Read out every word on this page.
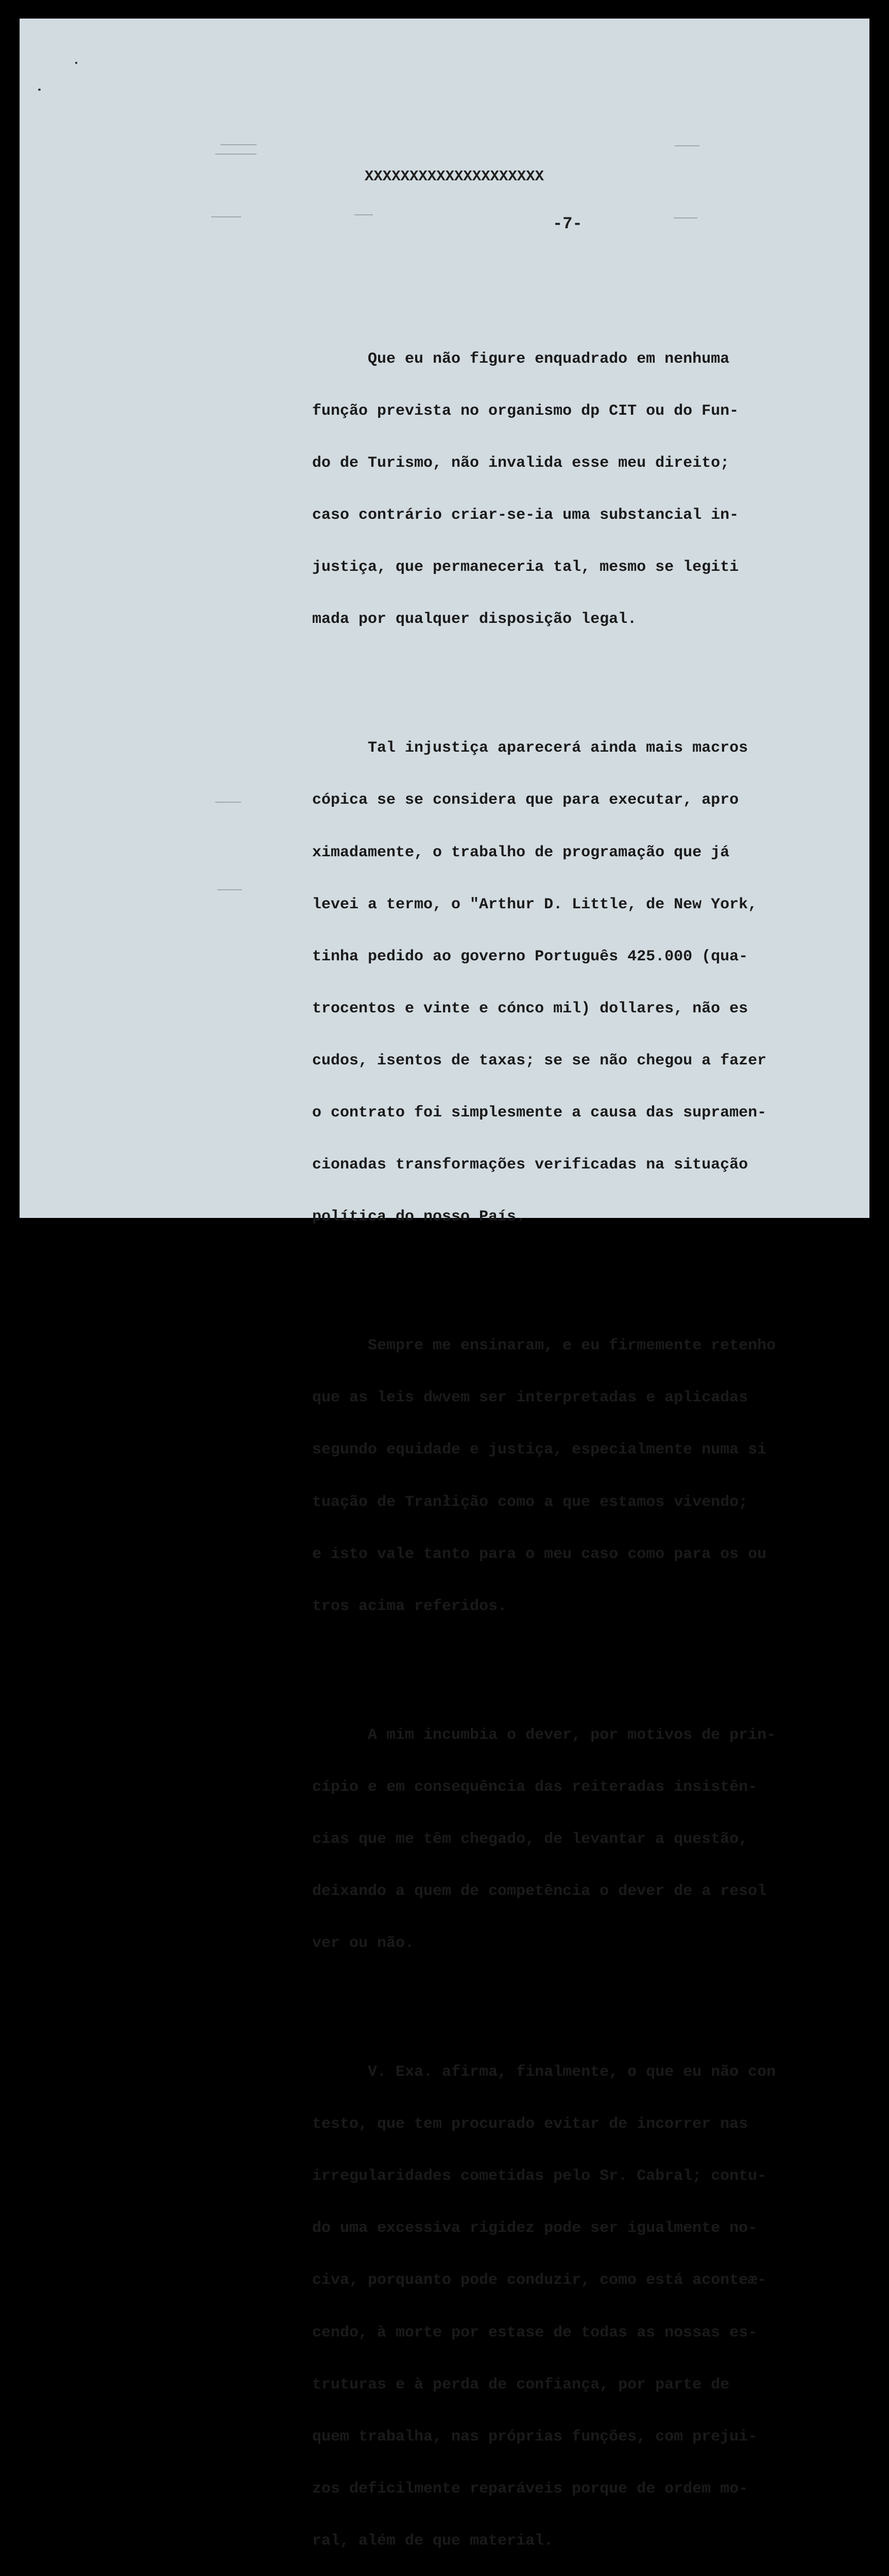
XXXXXXXXXXXXXXXXXXXX
-7-

Que eu não figure enquadrado em nenhuma

função prevista no organismo dp CIT ou do Fun-

do de Turismo, não invalida esse meu direito;

caso contrário criar-se-ia uma substancial in-

justiça, que permaneceria tal, mesmo se legiti

mada por qualquer disposição legal.

Tal injustiça aparecerá ainda mais macros

cópica se se considera que para executar, apro

ximadamente, o trabalho de programação que já

levei a termo, o "Arthur D. Little, de New York,

tinha pedido ao governo Português 425.000 (qua-

trocentos e vinte e cónco mil) dollares, não es

cudos, isentos de taxas; se se não chegou a fazer

o contrato foi simplesmente a causa das supramen-

cionadas transformações verificadas na situação

política do nosso País.

Sempre me ensinaram, e eu firmemente retenho

que as leis dwvem ser interpretadas e aplicadas

segundo equidade e justiça, especialmente numa si

tuação de Tranłição como a que estamos vivendo;

e isto vale tanto para o meu caso como para os ou

tros acima referidos.

A mim incumbia o dever, por motivos de prin-

cípio e em consequência das reiteradas insistên-

cias que me têm chegado, de levantar a questão,

deixando a quem de competência o dever de a resol

ver ou não.

V. Exa. afirma, finalmente, o que eu não con

testo, que tem procurado evitar de incorrer nas

irregularidades cometidas pelo Sr. Cabral; contu-

do uma excessiva rigidez pode ser igualmente no-

civa, porquanto pode conduzir, como está aconteæ-

cendo, à morte por estase de todas as nossas es-

truturas e à perda de confiança, por parte de

quem trabalha, nas próprias funções, com prejui-

zos deficilmente reparáveis porque de ordem mo-

ral, além de que material.
